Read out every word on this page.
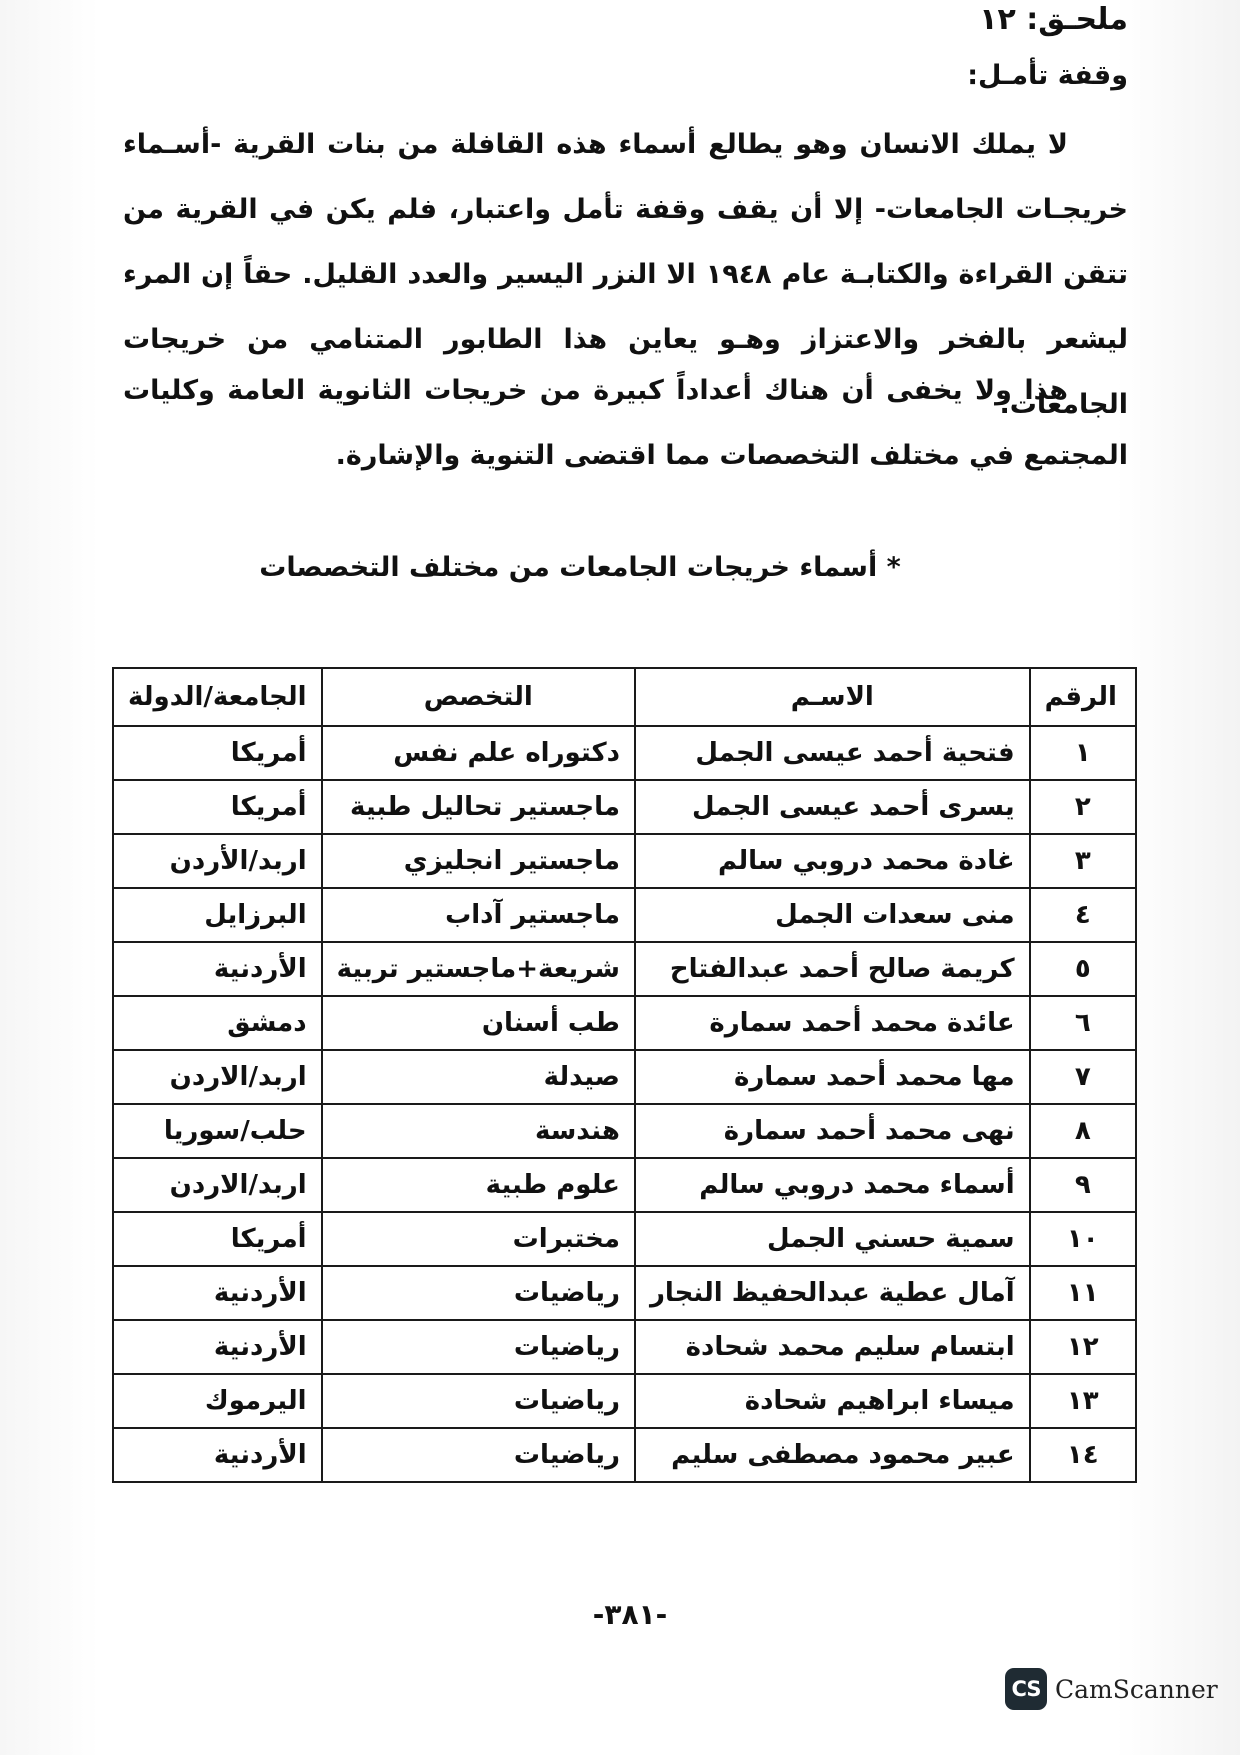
ملحـق: ١٢
وقفة تأمـل:

لا يملك الانسان وهو يطالع أسماء هذه القافلة من بنات القرية -أسـماء خريجـات الجامعات- إلا أن يقف وقفة تأمل واعتبار، فلم يكن في القرية من تتقن القراءة والكتابـة عام ١٩٤٨ الا النزر اليسير والعدد القليل. حقاً إن المرء ليشعر بالفخر والاعتزاز وهـو يعاين هذا الطابور المتنامي من خريجات الجامعات.

هذا ولا يخفى أن هناك أعداداً كبيرة من خريجات الثانوية العامة وكليات المجتمع في مختلف التخصصات مما اقتضى التنوية والإشارة.

* أسماء خريجات الجامعات من مختلف التخصصات
الرقم	الاسـم	التخصص	الجامعة/الدولة
١	فتحية أحمد عيسى الجمل	دكتوراه علم نفس	أمريكا
٢	يسرى أحمد عيسى الجمل	ماجستير تحاليل طبية	أمريكا
٣	غادة محمد دروبي سالم	ماجستير انجليزي	اربد/الأردن
٤	منى سعدات الجمل	ماجستير آداب	البرزايل
٥	كريمة صالح أحمد عبدالفتاح	شريعة+ماجستير تربية	الأردنية
٦	عائدة محمد أحمد سمارة	طب أسنان	دمشق
٧	مها محمد أحمد سمارة	صيدلة	اربد/الاردن
٨	نهى محمد أحمد سمارة	هندسة	حلب/سوريا
٩	أسماء محمد دروبي سالم	علوم طبية	اربد/الاردن
١٠	سمية حسني الجمل	مختبرات	أمريكا
١١	آمال عطية عبدالحفيظ النجار	رياضيات	الأردنية
١٢	ابتسام سليم محمد شحادة	رياضيات	الأردنية
١٣	ميساء ابراهيم شحادة	رياضيات	اليرموك
١٤	عبير محمود مصطفى سليم	رياضيات	الأردنية
-٣٨١-
CS CamScanner
